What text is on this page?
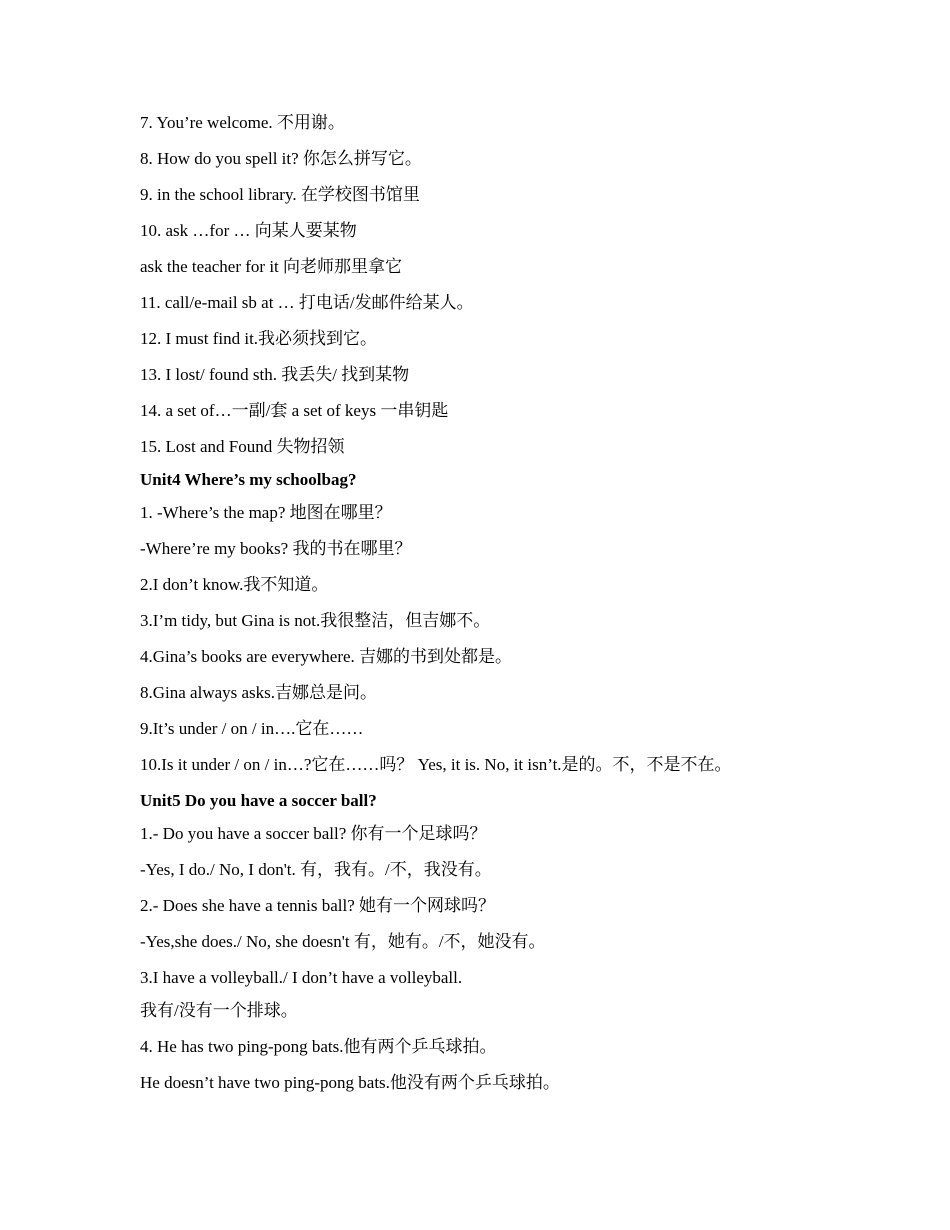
7. You’re welcome. 不用谢。
8. How do you spell it? 你怎么拼写它。
9. in the school library. 在学校图书馆里
10. ask …for … 向某人要某物
ask the teacher for it 向老师那里拿它
11. call/e-mail sb at … 打电话/发邮件给某人。
12. I must find it.我必须找到它。
13. I lost/ found sth. 我丢失/ 找到某物
14. a set of…一副/套 a set of keys 一串钥匙
15. Lost and Found 失物招领
Unit4 Where’s my schoolbag?
1. -Where’s the map? 地图在哪里？
-Where’re my books? 我的书在哪里？
2.I don’t know.我不知道。
3.I’m tidy, but Gina is not.我很整洁，但吉娜不。
4.Gina’s books are everywhere. 吉娜的书到处都是。
8.Gina always asks.吉娜总是问。
9.It’s under / on / in….它在……
10.Is it under / on / in…?它在……吗？ Yes, it is. No, it isn’t.是的。不，不是不在。
Unit5 Do you have a soccer ball?
1.- Do you have a soccer ball? 你有一个足球吗？
-Yes, I do./ No, I don't. 有，我有。/不，我没有。
2.- Does she have a tennis ball? 她有一个网球吗？
-Yes,she does./ No, she doesn't 有，她有。/不，她没有。
3.I have a volleyball./ I don’t have a volleyball.
我有/没有一个排球。
4. He has two ping-pong bats.他有两个乒乓球拍。
He doesn’t have two ping-pong bats.他没有两个乒乓球拍。
